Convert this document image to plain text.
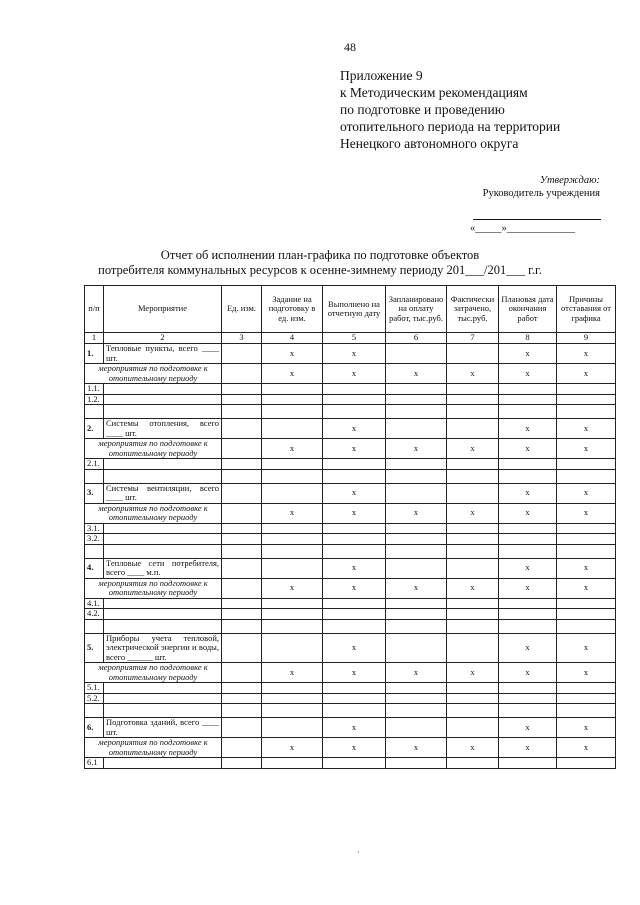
48
Приложение 9
к Методическим рекомендациям
по подготовке и проведению
отопительного периода на территории
Ненецкого автономного округа
Утверждаю:
Руководитель учреждения
«_____»_____________
Отчет об исполнении план-графика по подготовке объектов
потребителя коммунальных ресурсов к осенне-зимнему периоду 201___/201___ г.г.
п/п	Мероприятие	Ед. изм.	Задание на подготовку в ед. изм.	Выполнено на отчетную дату	Запланировано на оплату работ, тыс.руб.	Фактически затрачено, тыс.руб.	Плановая дата окончания работ	Причины отставания от графика
1	2	3	4	5	6	7	8	9
1.	Тепловые пункты, всего ____ шт.		х	х			х	х
мероприятия по подготовке к отопительному периоду			х	х	х	х	х	х
1.1.								
1.2.								

2.	Системы отопления, всего ____ шт.			х			х	х
мероприятия по подготовке к отопительному периоду			х	х	х	х	х	х
2.1.								

3.	Системы вентиляции, всего ____ шт.			х			х	х
мероприятия по подготовке к отопительному периоду			х	х	х	х	х	х
3.1.								
3.2.								

4.	Тепловые сети потребителя, всего ____ м.п.			х			х	х
мероприятия по подготовке к отопительному периоду			х	х	х	х	х	х
4.1.								
4.2.								

5.	Приборы учета тепловой, электрической энергии и воды, всего ______ шт.			х			х	х
мероприятия по подготовке к отопительному периоду			х	х	х	х	х	х
5.1.								
5.2.								

6.	Подготовка зданий, всего ____ шт.			х			х	х
мероприятия по подготовке к отопительному периоду			х	х	х	х	х	х
6.1								
·
